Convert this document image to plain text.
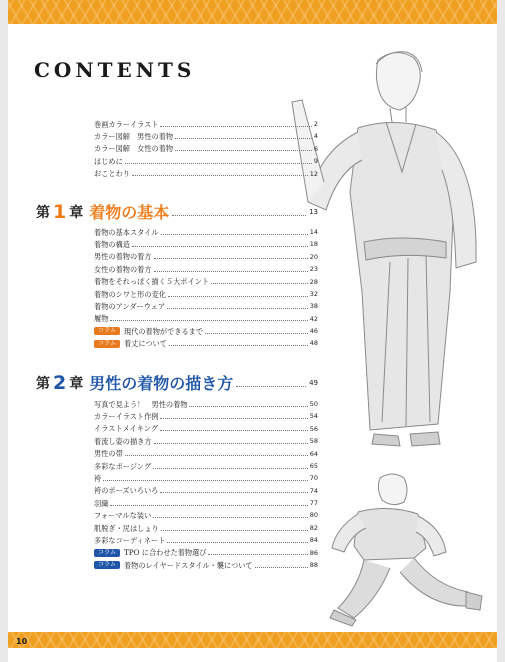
10
CONTENTS
巻画カラーイラスト	2
カラー図解　男性の着物	4
カラー図解　女性の着物	6
はじめに	9
おことわり	12
第 1 章 着物の基本	13
着物の基本スタイル	14
着物の構造	18
男性の着物の着方	20
女性の着物の着方	23
着物をそれっぽく描く５大ポイント	28
着物のシワと形の変化	32
着物のアンダーウェア	38
履物	42
コラム	現代の着物ができるまで	46
コラム	着丈について	48
第 2 章 男性の着物の描き方	49
写真で見よう！　男性の着物	50
カラーイラスト作例	54
イラストメイキング	56
着流し姿の描き方	58
男性の帯	64
多彩なポージング	65
袴	70
袴のポーズいろいろ	74
羽織	77
フォーマルな装い	80
肌脱ぎ・尻はしょり	82
多彩なコーディネート	84
コラム	TPO に合わせた着物選び	86
コラム	着物のレイヤードスタイル・襲について	88
